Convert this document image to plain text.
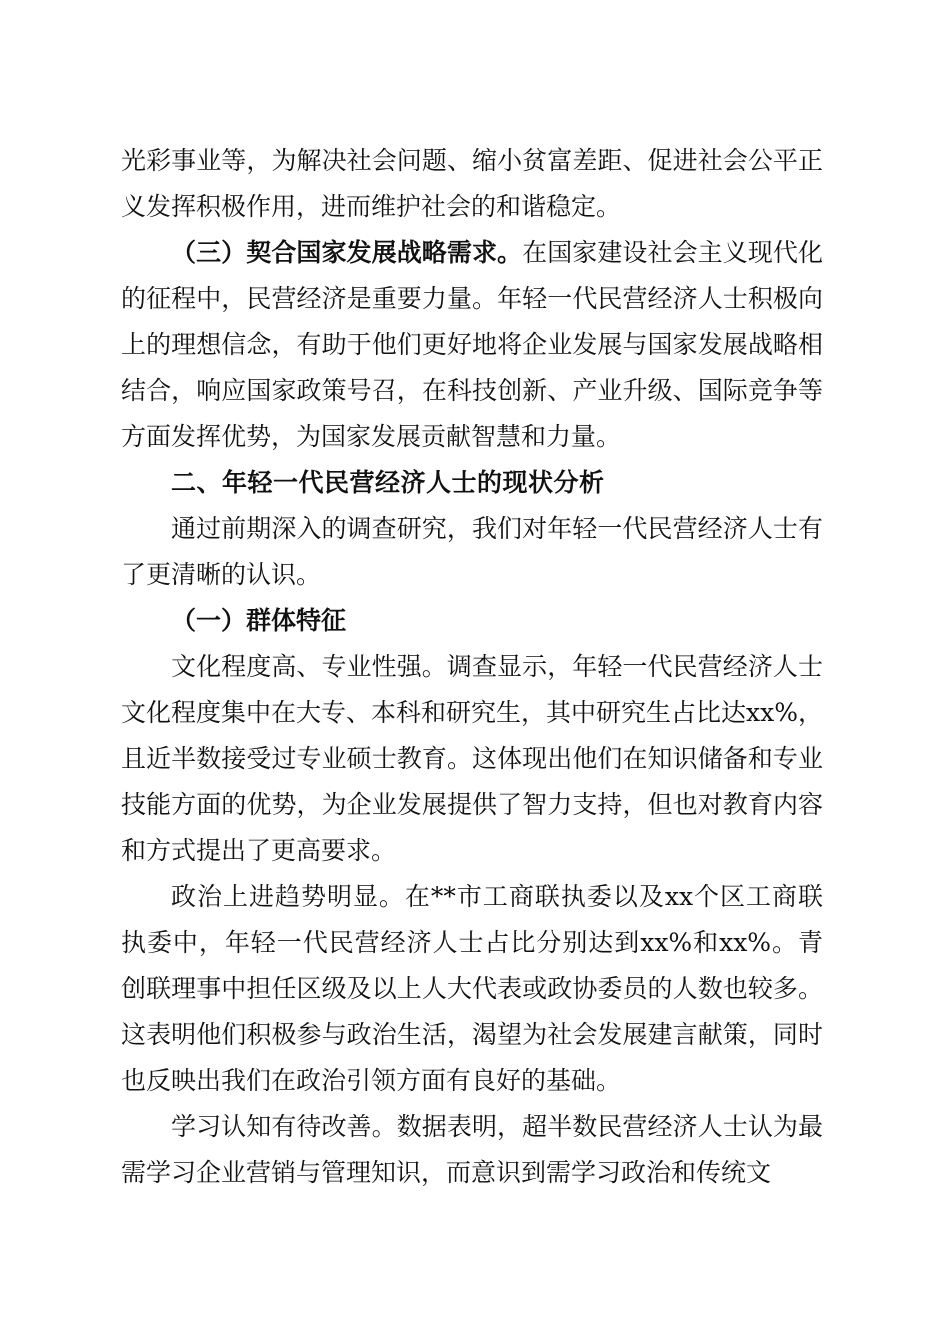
光彩事业等，为解决社会问题、缩小贫富差距、促进社会公平正义发挥积极作用，进而维护社会的和谐稳定。

（三）契合国家发展战略需求。在国家建设社会主义现代化的征程中，民营经济是重要力量。年轻一代民营经济人士积极向上的理想信念，有助于他们更好地将企业发展与国家发展战略相结合，响应国家政策号召，在科技创新、产业升级、国际竞争等方面发挥优势，为国家发展贡献智慧和力量。

二、年轻一代民营经济人士的现状分析

通过前期深入的调查研究，我们对年轻一代民营经济人士有了更清晰的认识。

（一）群体特征

文化程度高、专业性强。调查显示，年轻一代民营经济人士文化程度集中在大专、本科和研究生，其中研究生占比达xx%，且近半数接受过专业硕士教育。这体现出他们在知识储备和专业技能方面的优势，为企业发展提供了智力支持，但也对教育内容和方式提出了更高要求。

政治上进趋势明显。在**市工商联执委以及xx个区工商联执委中，年轻一代民营经济人士占比分别达到xx%和xx%。青创联理事中担任区级及以上人大代表或政协委员的人数也较多。这表明他们积极参与政治生活，渴望为社会发展建言献策，同时也反映出我们在政治引领方面有良好的基础。

学习认知有待改善。数据表明，超半数民营经济人士认为最需学习企业营销与管理知识，而意识到需学习政治和传统文
